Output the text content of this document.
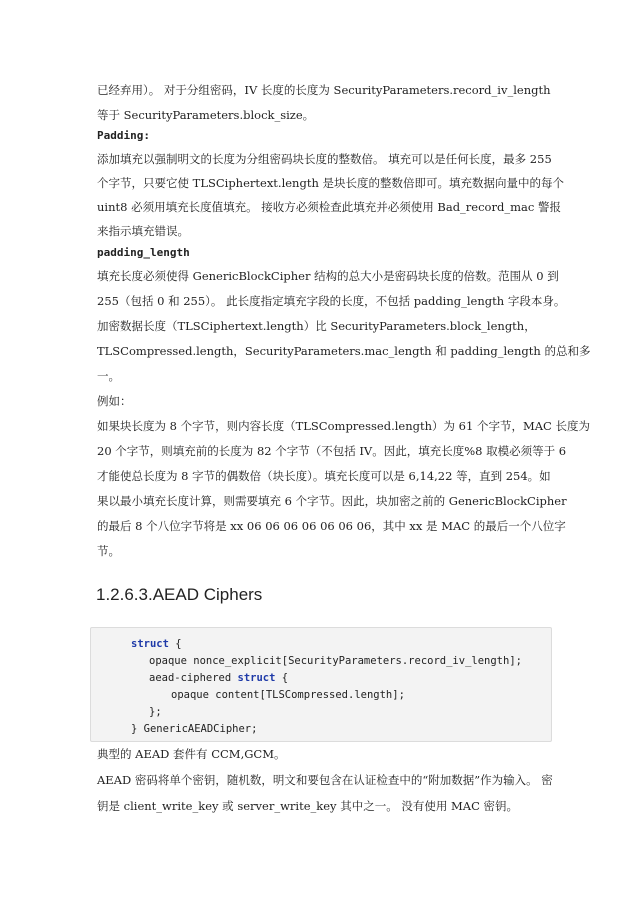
已经弃用）。 对于分组密码，IV 长度的长度为 SecurityParameters.record_iv_length
等于 SecurityParameters.block_size。
Padding:
添加填充以强制明文的长度为分组密码块长度的整数倍。 填充可以是任何长度，最多 255
个字节，只要它使 TLSCiphertext.length 是块长度的整数倍即可。填充数据向量中的每个
uint8 必须用填充长度值填充。 接收方必须检查此填充并必须使用 Bad_record_mac 警报
来指示填充错误。
padding_length
填充长度必须使得 GenericBlockCipher 结构的总大小是密码块长度的倍数。范围从 0 到
255（包括 0 和 255）。 此长度指定填充字段的长度，不包括 padding_length 字段本身。
加密数据长度（TLSCiphertext.length）比 SecurityParameters.block_length，
TLSCompressed.length，SecurityParameters.mac_length 和 padding_length 的总和多
一。
例如：
如果块长度为 8 个字节，则内容长度（TLSCompressed.length）为 61 个字节，MAC 长度为
20 个字节，则填充前的长度为 82 个字节（不包括 IV。因此，填充长度%8 取模必须等于 6
才能使总长度为 8 字节的偶数倍（块长度）。填充长度可以是 6,14,22 等，直到 254。如
果以最小填充长度计算，则需要填充 6 个字节。因此，块加密之前的 GenericBlockCipher
的最后 8 个八位字节将是 xx 06 06 06 06 06 06 06，其中 xx 是 MAC 的最后一个八位字
节。
1.2.6.3.AEAD Ciphers
struct {
opaque nonce_explicit[SecurityParameters.record_iv_length];
aead-ciphered struct {
opaque content[TLSCompressed.length];
};
} GenericAEADCipher;
典型的 AEAD 套件有 CCM,GCM。
AEAD 密码将单个密钥，随机数，明文和要包含在认证检查中的“附加数据”作为输入。 密
钥是 client_write_key 或 server_write_key 其中之一。 没有使用 MAC 密钥。
